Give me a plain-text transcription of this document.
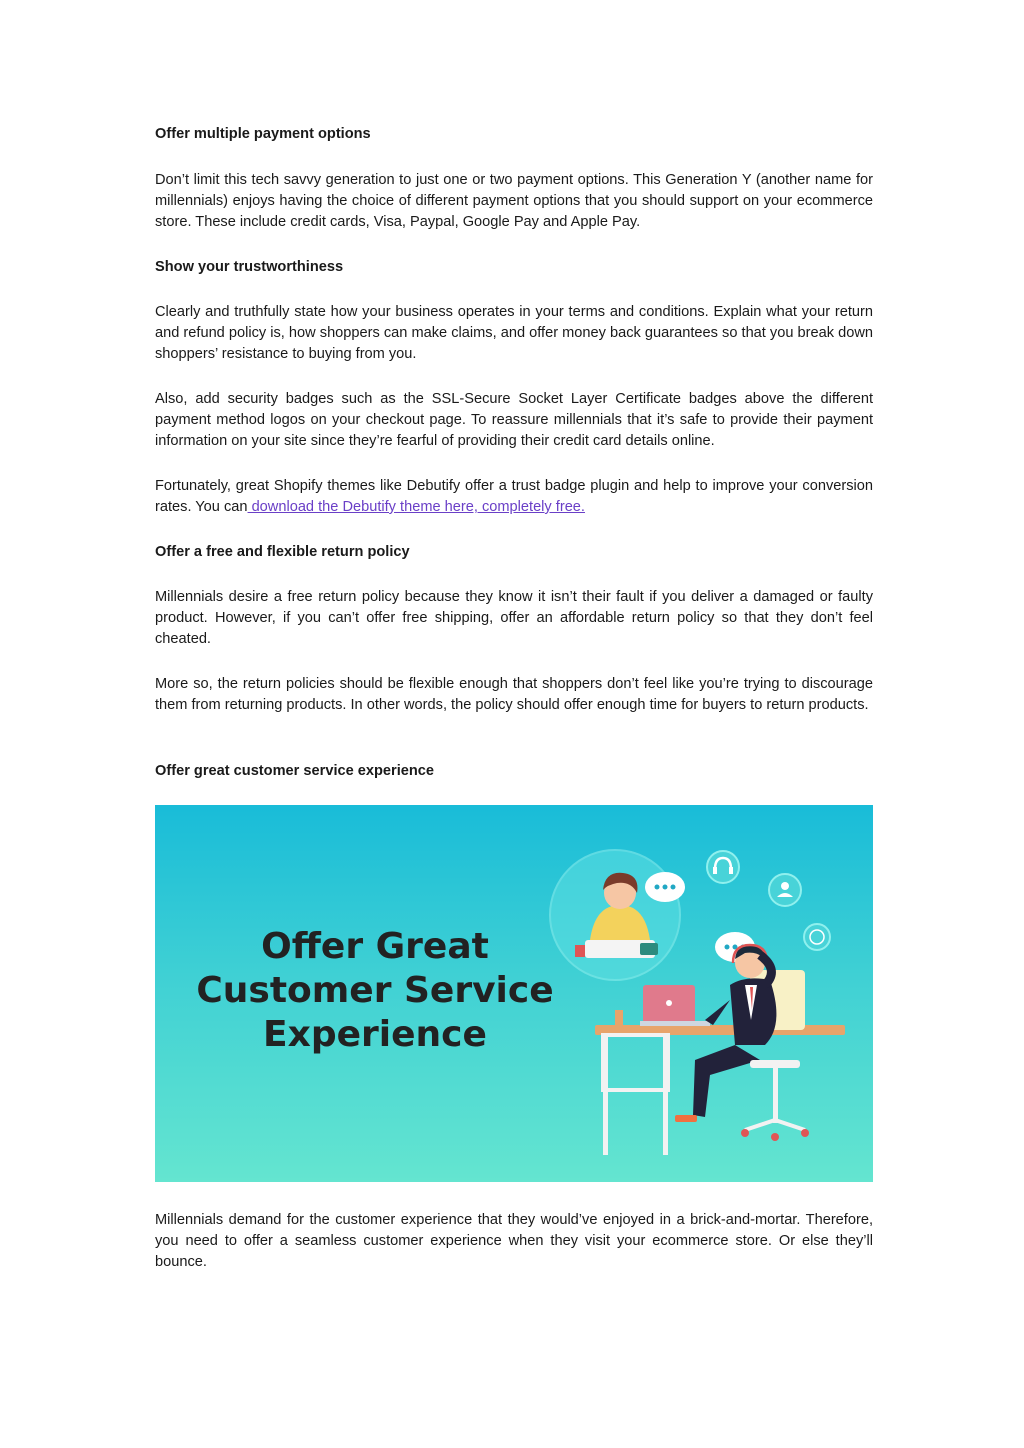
Offer multiple payment options

Don’t limit this tech savvy generation to just one or two payment options. This Generation Y (another name for millennials) enjoys having the choice of different payment options that you should support on your ecommerce store. These include credit cards, Visa, Paypal, Google Pay and Apple Pay.

Show your trustworthiness

Clearly and truthfully state how your business operates in your terms and conditions. Explain what your return and refund policy is, how shoppers can make claims, and offer money back guarantees so that you break down shoppers’ resistance to buying from you.

Also, add security badges such as the SSL-Secure Socket Layer Certificate badges above the different payment method logos on your checkout page. To reassure millennials that it’s safe to provide their payment information on your site since they’re fearful of providing their credit card details online.

Fortunately, great Shopify themes like Debutify offer a trust badge plugin and help to improve your conversion rates. You can download the Debutify theme here, completely free.

Offer a free and flexible return policy

Millennials desire a free return policy because they know it isn’t their fault if you deliver a damaged or faulty product. However, if you can’t offer free shipping, offer an affordable return policy so that they don’t feel cheated.

More so, the return policies should be flexible enough that shoppers don’t feel like you’re trying to discourage them from returning products. In other words, the policy should offer enough time for buyers to return products.

Offer great customer service experience

Offer Great
Customer Service
Experience

Millennials demand for the customer experience that they would’ve enjoyed in a brick-and-mortar. Therefore, you need to offer a seamless customer experience when they visit your ecommerce store. Or else they’ll bounce.
